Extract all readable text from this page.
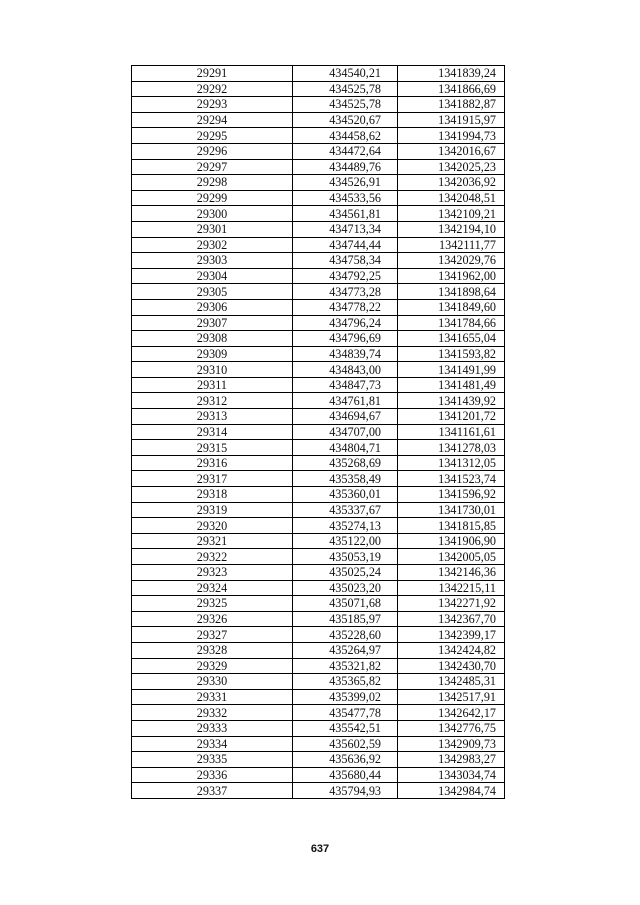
29291	434540,21	1341839,24
29292	434525,78	1341866,69
29293	434525,78	1341882,87
29294	434520,67	1341915,97
29295	434458,62	1341994,73
29296	434472,64	1342016,67
29297	434489,76	1342025,23
29298	434526,91	1342036,92
29299	434533,56	1342048,51
29300	434561,81	1342109,21
29301	434713,34	1342194,10
29302	434744,44	1342111,77
29303	434758,34	1342029,76
29304	434792,25	1341962,00
29305	434773,28	1341898,64
29306	434778,22	1341849,60
29307	434796,24	1341784,66
29308	434796,69	1341655,04
29309	434839,74	1341593,82
29310	434843,00	1341491,99
29311	434847,73	1341481,49
29312	434761,81	1341439,92
29313	434694,67	1341201,72
29314	434707,00	1341161,61
29315	434804,71	1341278,03
29316	435268,69	1341312,05
29317	435358,49	1341523,74
29318	435360,01	1341596,92
29319	435337,67	1341730,01
29320	435274,13	1341815,85
29321	435122,00	1341906,90
29322	435053,19	1342005,05
29323	435025,24	1342146,36
29324	435023,20	1342215,11
29325	435071,68	1342271,92
29326	435185,97	1342367,70
29327	435228,60	1342399,17
29328	435264,97	1342424,82
29329	435321,82	1342430,70
29330	435365,82	1342485,31
29331	435399,02	1342517,91
29332	435477,78	1342642,17
29333	435542,51	1342776,75
29334	435602,59	1342909,73
29335	435636,92	1342983,27
29336	435680,44	1343034,74
29337	435794,93	1342984,74
637
